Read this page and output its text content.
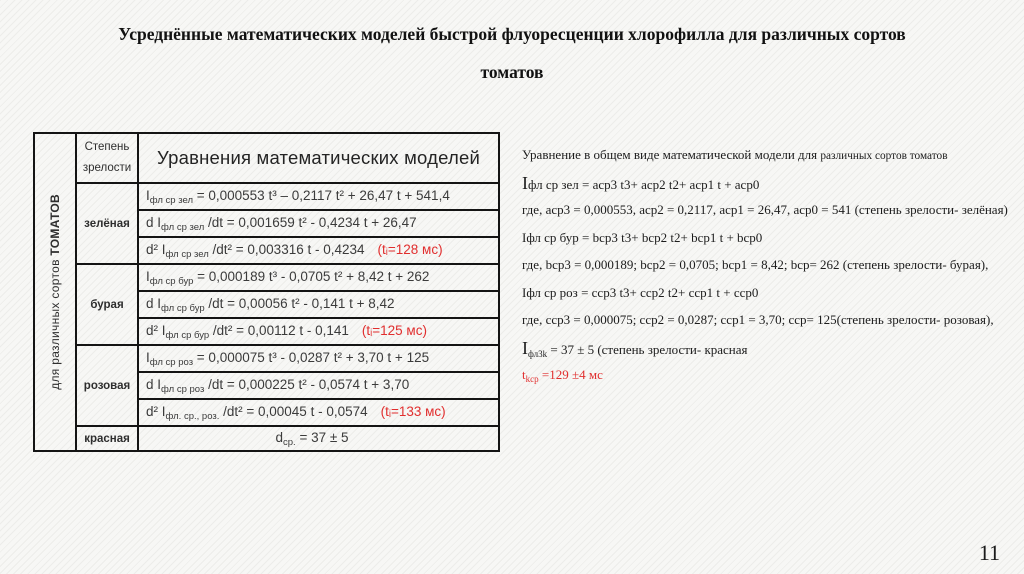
Усреднённые математических моделей быстрой флуоресценции хлорофилла для различных сортов
томатов
для различных сортов ТОМАТОВ	Степень зрелости	Уравнения математических моделей
	зелёная	$I_{фл ср зел} = 0,000553$ t³ – 0,2117 t² + 26,47 t + 541,4
		d $I_{фл ср зел}$ /dt = 0,001659 t² - 0,4234 t + 26,47
		d² $I_{фл ср зел}$ /dt² = 0,003316 t - 0,4234 (tᵢ=128 мс)
	бурая	$I_{фл ср бур} = 0,000189$ t³ - 0,0705 t² + 8,42 t + 262
		d $I_{фл ср бур}$ /dt = 0,00056 t² - 0,141 t + 8,42
		d² $I_{фл ср бур}$ /dt² = 0,00112 t - 0,141 (tᵢ=125 мс)
	розовая	$I_{фл ср роз} = 0,000075$ t³ - 0,0287 t² + 3,70 t + 125
		d $I_{фл ср роз}$ /dt = 0,000225 t² - 0,0574 t + 3,70
		d² $I_{фл. ср., роз.}$ /dt² = 0,00045 t - 0,0574 (tᵢ=133 мс)
	красная	$d_{ср.} = 37 \pm 5$
Уравнение в общем виде математической модели для различных сортов томатов
Iфл ср зел = аср3 t3+ аср2 t2+ аср1 t + аср0
где, аср3 = 0,000553, аср2 = 0,2117, аср1 = 26,47, аср0 = 541 (степень зрелости- зелёная)
Iфл ср бур = bср3 t3+ bср2 t2+ bср1 t + bср0
где, bср3 = 0,000189; bср2 = 0,0705; bср1 = 8,42; bср= 262 (степень зрелости- бурая),
Iфл ср роз = сср3 t3+ сср2 t2+ сср1 t + сср0
где, сср3 = 0,000075; сср2 = 0,0287; сср1 = 3,70; сср= 125(степень зрелости- розовая),
$I_{фл3k} = 37 \pm 5$ (степень зрелости- красная
$t_{kср} =129 \pm 4$ мс
11
